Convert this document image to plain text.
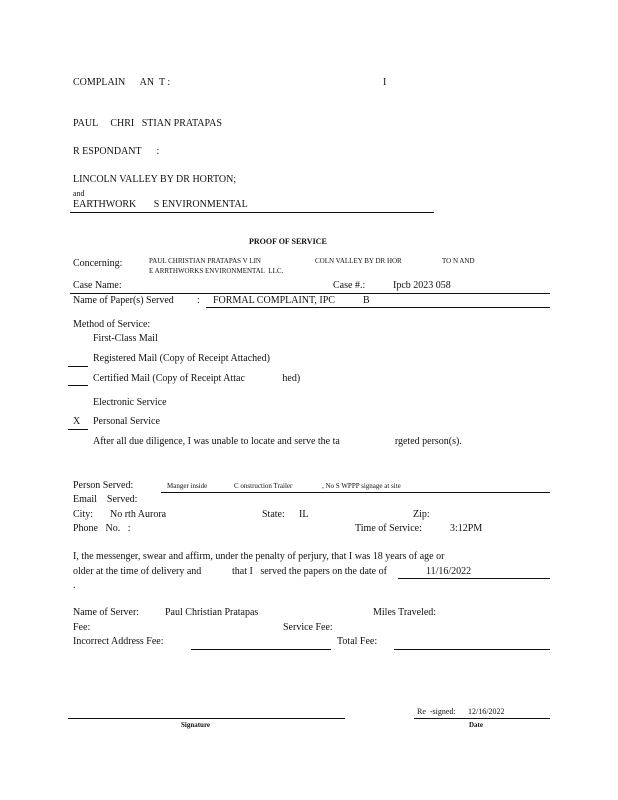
COMPLAIN      AN  T :	I
PAUL     CHRI   STIAN PRATAPAS
R ESPONDANT      :
LINCOLN VALLEY BY DR HORTON;
and
EARTHWORK       S ENVIRONMENTAL
PROOF OF SERVICE
Concerning:	PAUL CHRISTIAN PRATAPAS V LIN	COLN VALLEY BY DR HOR	TO N AND
E ARRTHWORKS ENVIRONMENTAL  LLC.
Case Name:	Case #.:	Ipcb 2023 058
Name of Paper(s) Served : FORMAL COMPLAINT, IPC	B
Method of Service:
First-Class Mail
Registered Mail (Copy of Receipt Attached)
Certified Mail (Copy of Receipt Attac               hed)
Electronic Service
X Personal Service
After all due diligence, I was unable to locate and serve the ta                      rgeted person(s).
Person Served:	Manger inside	C onstruction Trailer	, No S WPPP signage at site
Email    Served:
City: No rth Aurora	State: IL	Zip:
Phone   No.   :	Time of Service:	3:12PM
I, the messenger, swear and affirm, under the penalty of perjury, that I was 18 years of age or
older at the time of delivery and	that I   served the papers on the date of	11/16/2022
.
Name of Server:	Paul Christian Pratapas	Miles Traveled:
Fee:	Service Fee:
Incorrect Address Fee:	Total Fee:
Re  -signed: 12/16/2022
Signature	Date
